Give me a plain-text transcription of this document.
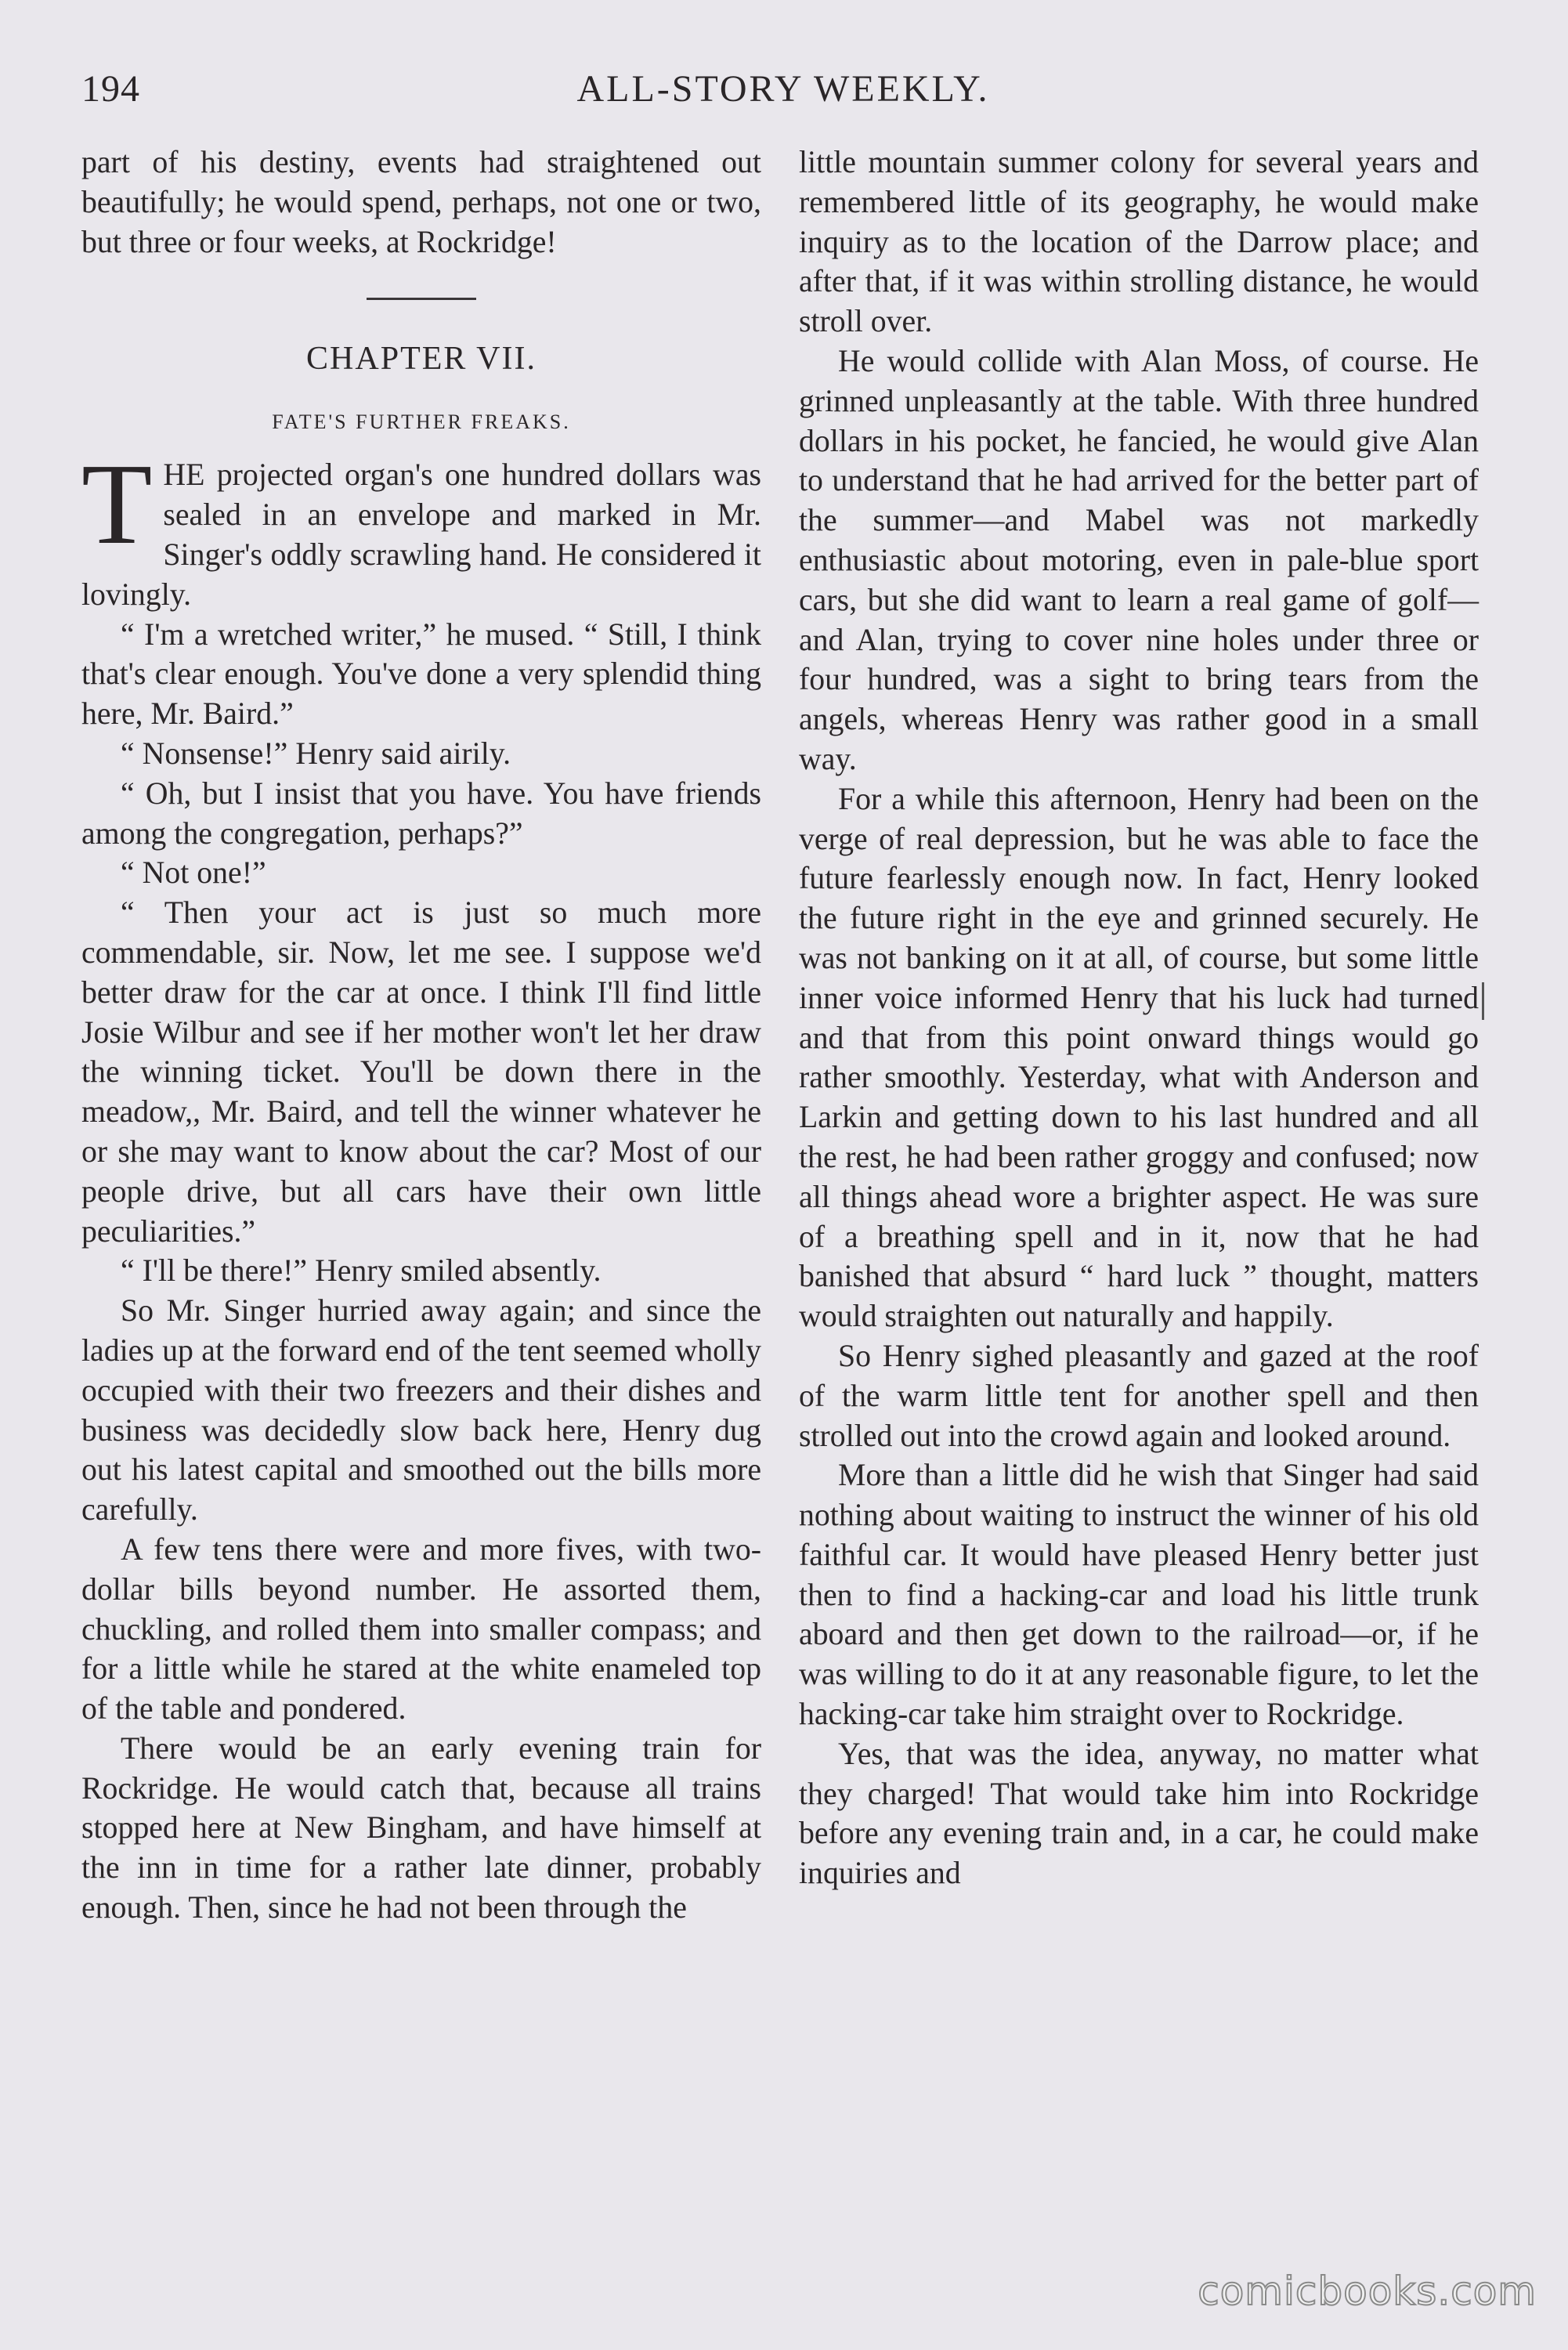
194	ALL-STORY WEEKLY.

part of his destiny, events had straightened out beautifully; he would spend, perhaps, not one or two, but three or four weeks, at Rockridge!

CHAPTER VII.
FATE'S FURTHER FREAKS.

THE projected organ's one hundred dollars was sealed in an envelope and marked in Mr. Singer's oddly scrawling hand. He considered it lovingly.

“ I'm a wretched writer,” he mused. “ Still, I think that's clear enough. You've done a very splendid thing here, Mr. Baird.”

“ Nonsense!” Henry said airily.

“ Oh, but I insist that you have. You have friends among the congregation, perhaps?”

“ Not one!”

“ Then your act is just so much more commendable, sir. Now, let me see. I suppose we'd better draw for the car at once. I think I'll find little Josie Wilbur and see if her mother won't let her draw the winning ticket. You'll be down there in the meadow,, Mr. Baird, and tell the winner whatever he or she may want to know about the car? Most of our people drive, but all cars have their own little peculiarities.”

“ I'll be there!” Henry smiled absently.

So Mr. Singer hurried away again; and since the ladies up at the forward end of the tent seemed wholly occupied with their two freezers and their dishes and business was decidedly slow back here, Henry dug out his latest capital and smoothed out the bills more carefully.

A few tens there were and more fives, with two-dollar bills beyond number. He assorted them, chuckling, and rolled them into smaller compass; and for a little while he stared at the white enameled top of the table and pondered.

There would be an early evening train for Rockridge. He would catch that, because all trains stopped here at New Bingham, and have himself at the inn in time for a rather late dinner, probably enough. Then, since he had not been through the

little mountain summer colony for several years and remembered little of its geography, he would make inquiry as to the location of the Darrow place; and after that, if it was within strolling distance, he would stroll over.

He would collide with Alan Moss, of course. He grinned unpleasantly at the table. With three hundred dollars in his pocket, he fancied, he would give Alan to understand that he had arrived for the better part of the summer—and Mabel was not markedly enthusiastic about motoring, even in pale-blue sport cars, but she did want to learn a real game of golf—and Alan, trying to cover nine holes under three or four hundred, was a sight to bring tears from the angels, whereas Henry was rather good in a small way.

For a while this afternoon, Henry had been on the verge of real depression, but he was able to face the future fearlessly enough now. In fact, Henry looked the future right in the eye and grinned securely. He was not banking on it at all, of course, but some little inner voice informed Henry that his luck had turned and that from this point onward things would go rather smoothly. Yesterday, what with Anderson and Larkin and getting down to his last hundred and all the rest, he had been rather groggy and confused; now all things ahead wore a brighter aspect. He was sure of a breathing spell and in it, now that he had banished that absurd “ hard luck ” thought, matters would straighten out naturally and happily.

So Henry sighed pleasantly and gazed at the roof of the warm little tent for another spell and then strolled out into the crowd again and looked around.

More than a little did he wish that Singer had said nothing about waiting to instruct the winner of his old faithful car. It would have pleased Henry better just then to find a hacking-car and load his little trunk aboard and then get down to the railroad—or, if he was willing to do it at any reasonable figure, to let the hacking-car take him straight over to Rockridge.

Yes, that was the idea, anyway, no matter what they charged! That would take him into Rockridge before any evening train and, in a car, he could make inquiries and

comicbooks.com
